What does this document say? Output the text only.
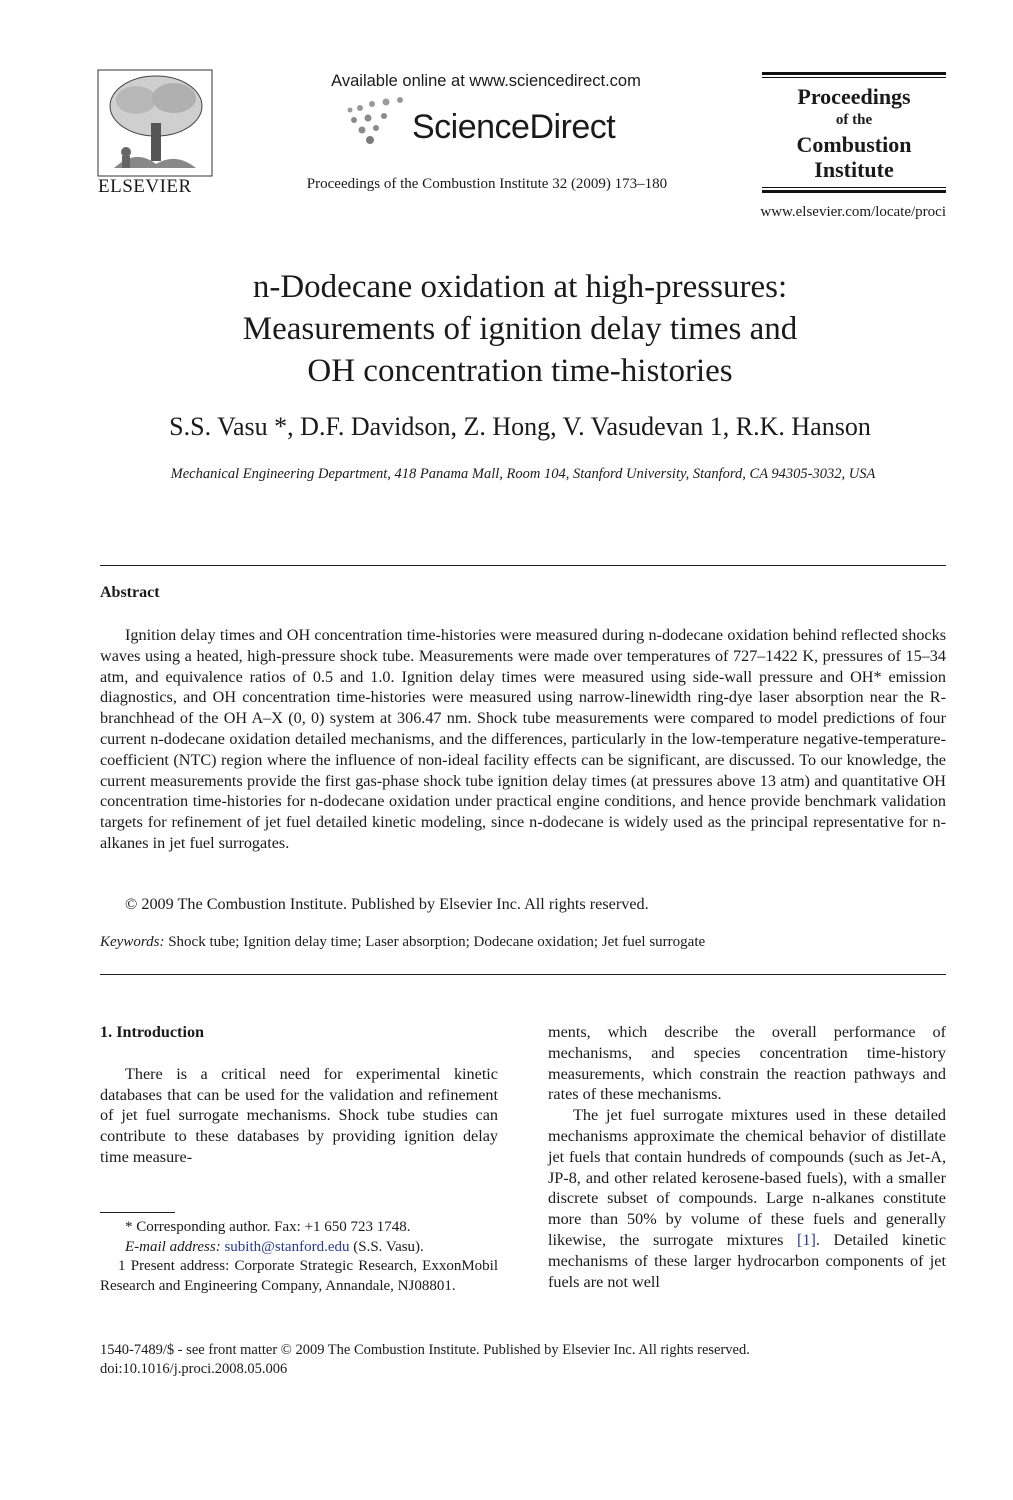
ELSEVIER
Available online at www.sciencedirect.com
ScienceDirect
Proceedings of the Combustion Institute 32 (2009) 173–180
Proceedings
of the
Combustion
Institute
www.elsevier.com/locate/proci
n-Dodecane oxidation at high-pressures:
Measurements of ignition delay times and
OH concentration time-histories
S.S. Vasu *, D.F. Davidson, Z. Hong, V. Vasudevan 1, R.K. Hanson
Mechanical Engineering Department, 418 Panama Mall, Room 104, Stanford University, Stanford, CA 94305-3032, USA
Abstract

Ignition delay times and OH concentration time-histories were measured during n-dodecane oxidation behind reflected shocks waves using a heated, high-pressure shock tube. Measurements were made over temperatures of 727–1422 K, pressures of 15–34 atm, and equivalence ratios of 0.5 and 1.0. Ignition delay times were measured using side-wall pressure and OH* emission diagnostics, and OH concentration time-histories were measured using narrow-linewidth ring-dye laser absorption near the R-branchhead of the OH A–X (0, 0) system at 306.47 nm. Shock tube measurements were compared to model predictions of four current n-dodecane oxidation detailed mechanisms, and the differences, particularly in the low-temperature negative-temperature-coefficient (NTC) region where the influence of non-ideal facility effects can be significant, are discussed. To our knowledge, the current measurements provide the first gas-phase shock tube ignition delay times (at pressures above 13 atm) and quantitative OH concentration time-histories for n-dodecane oxidation under practical engine conditions, and hence provide benchmark validation targets for refinement of jet fuel detailed kinetic modeling, since n-dodecane is widely used as the principal representative for n-alkanes in jet fuel surrogates.

© 2009 The Combustion Institute. Published by Elsevier Inc. All rights reserved.
Keywords: Shock tube; Ignition delay time; Laser absorption; Dodecane oxidation; Jet fuel surrogate

1. Introduction

There is a critical need for experimental kinetic databases that can be used for the validation and refinement of jet fuel surrogate mechanisms. Shock tube studies can contribute to these databases by providing ignition delay time measure-

ments, which describe the overall performance of mechanisms, and species concentration time-history measurements, which constrain the reaction pathways and rates of these mechanisms.

The jet fuel surrogate mixtures used in these detailed mechanisms approximate the chemical behavior of distillate jet fuels that contain hundreds of compounds (such as Jet-A, JP-8, and other related kerosene-based fuels), with a smaller discrete subset of compounds. Large n-alkanes constitute more than 50% by volume of these fuels and generally likewise, the surrogate mixtures [1]. Detailed kinetic mechanisms of these larger hydrocarbon components of jet fuels are not well

* Corresponding author. Fax: +1 650 723 1748.

E-mail address: subith@stanford.edu (S.S. Vasu).

1 Present address: Corporate Strategic Research, ExxonMobil Research and Engineering Company, Annandale, NJ08801.

1540-7489/$ - see front matter © 2009 The Combustion Institute. Published by Elsevier Inc. All rights reserved.

doi:10.1016/j.proci.2008.05.006
